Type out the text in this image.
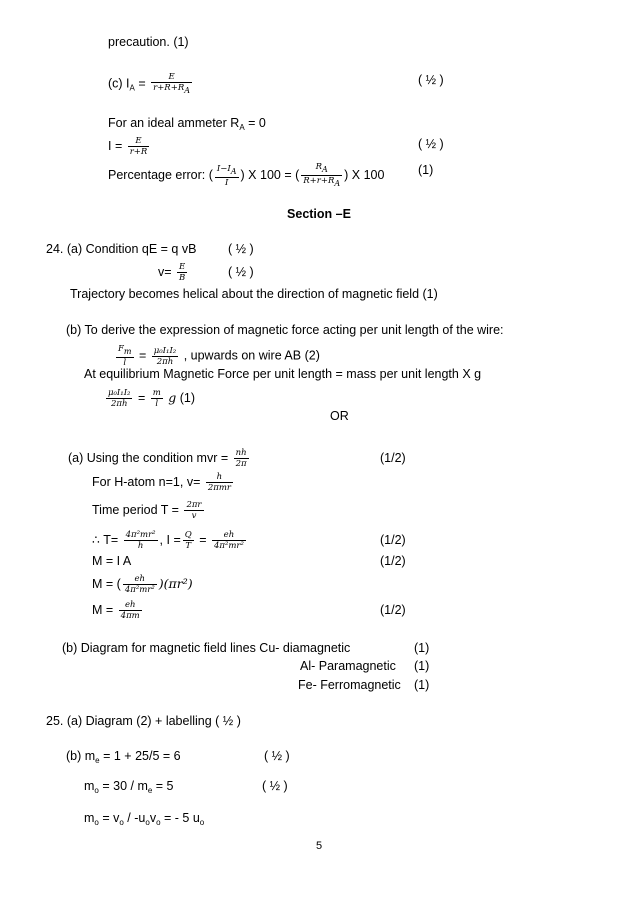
precaution. (1)
(c) $I_A = \frac{E}{r+R+RA}$	( ½ )
For an ideal ammeter $R_A = 0$
$I = \frac{E}{r+R}$	( ½ )
Percentage error: ( $\frac{I-IA}{I}$ ) X 100 = ( $\frac{RA}{R+r+RA}$ ) X 100	(1)
Section –E
24. (a) Condition qE = q vB	( ½ )
$v= \frac{E}{B}$	( ½ )
Trajectory becomes helical about the direction of magnetic field (1)
(b) To derive the expression of magnetic force acting per unit length of the wire:
$\frac{Fm}{l} = \frac{\text{μ₀I₁I₂}}{2\pi h}$ , upwards on wire AB (2)
At equilibrium Magnetic Force per unit length = mass per unit length X g
$\frac{\text{μ₀I₁I₂}}{2\pi h} = \frac{m}{l}$ g (1)
OR
(a) Using the condition mvr = $\frac{nh}{2\pi}$	(1/2)
For H-atom n=1, $v= \frac{h}{\text{2πmr}}$
Time period $T = \frac{2\pi r}{v}$
∴ $T= \frac{\text{4π²mr²}}{h}$ , $I = \frac{Q}{T} = \frac{eh}{\text{4π²mr²}}$	(1/2)
M = I A	(1/2)
M = ( $\frac{eh}{\text{4π²mr²}} )(\pi r^2)$
$M = \frac{eh}{4\pi m}$	(1/2)
(b) Diagram for magnetic field lines Cu- diamagnetic	(1)
Al- Paramagnetic (1)
Fe- Ferromagnetic (1)
25. (a) Diagram (2) + labelling ( ½ )
(b) $m_e = 1 + 25/5 = 6$	( ½ )
$m_o = 30 / m_e = 5$	( ½ )
$m_o = v_o / -u_ov_o$ = - 5 $u_o$
5
